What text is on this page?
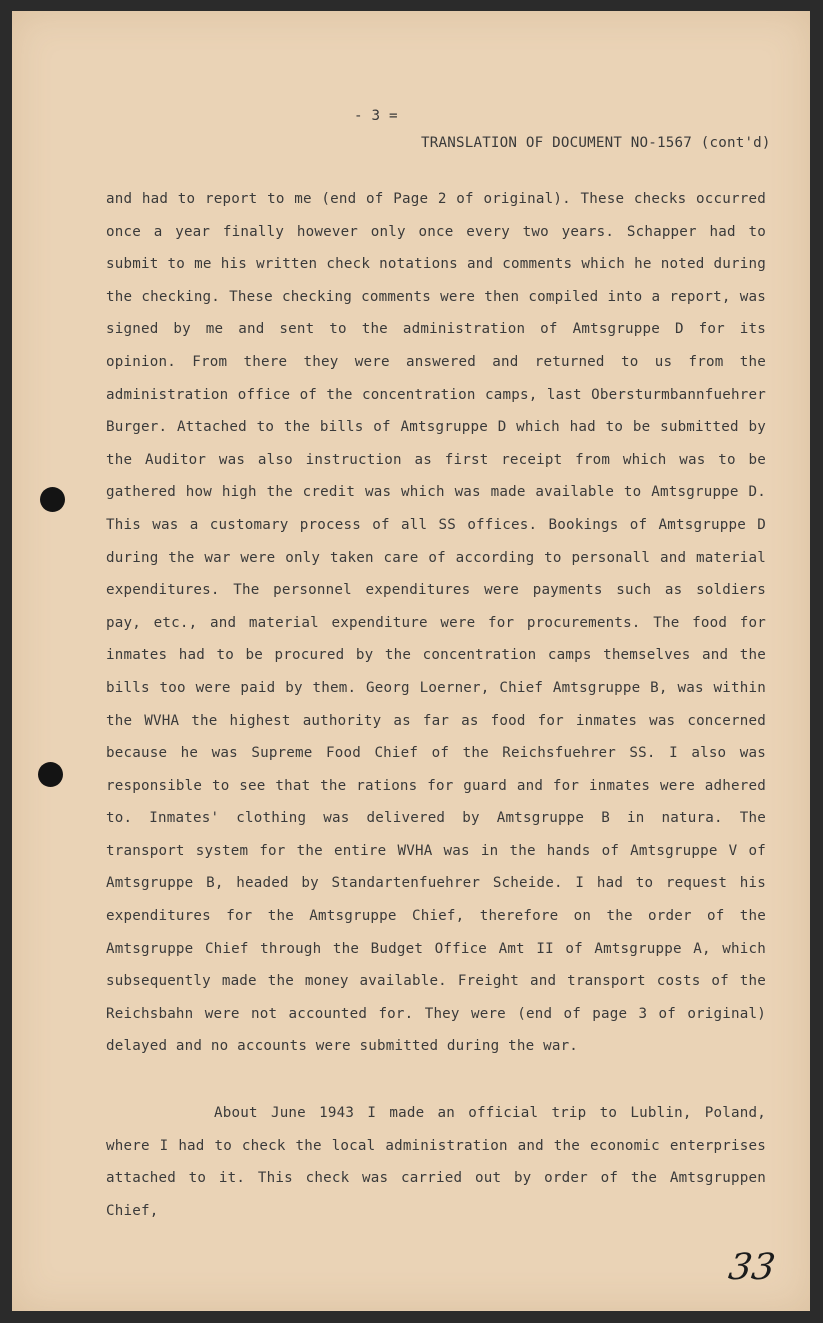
- 3 =
TRANSLATION OF DOCUMENT NO-1567 (cont'd)

and had to report to me (end of Page 2 of original). These checks occurred once a year finally however only once every two years. Schapper had to submit to me his written check notations and comments which he noted during the checking. These checking comments were then compiled into a report, was signed by me and sent to the administration of Amtsgruppe D for its opinion. From there they were answered and returned to us from the administration office of the concentration camps, last Obersturmbannfuehrer Burger. Attached to the bills of Amtsgruppe D which had to be submitted by the Auditor was also instruction as first receipt from which was to be gathered how high the credit was which was made available to Amtsgruppe D. This was a customary process of all SS offices. Bookings of Amtsgruppe D during the war were only taken care of according to personall and material expenditures. The personnel expenditures were payments such as soldiers pay, etc., and material expenditure were for procurements. The food for inmates had to be procured by the concentration camps themselves and the bills too were paid by them. Georg Loerner, Chief Amtsgruppe B, was within the WVHA the highest authority as far as food for inmates was concerned because he was Supreme Food Chief of the Reichsfuehrer SS. I also was responsible to see that the rations for guard and for inmates were adhered to. Inmates' clothing was delivered by Amtsgruppe B in natura. The transport system for the entire WVHA was in the hands of Amtsgruppe V of Amtsgruppe B, headed by Standartenfuehrer Scheide. I had to request his expenditures for the Amtsgruppe Chief, therefore on the order of the Amtsgruppe Chief through the Budget Office Amt II of Amtsgruppe A, which subsequently made the money available. Freight and transport costs of the Reichsbahn were not accounted for. They were (end of page 3 of original) delayed and no accounts were submitted during the war.

About June 1943 I made an official trip to Lublin, Poland, where I had to check the local administration and the economic enterprises attached to it. This check was carried out by order of the Amtsgruppen Chief,

33
